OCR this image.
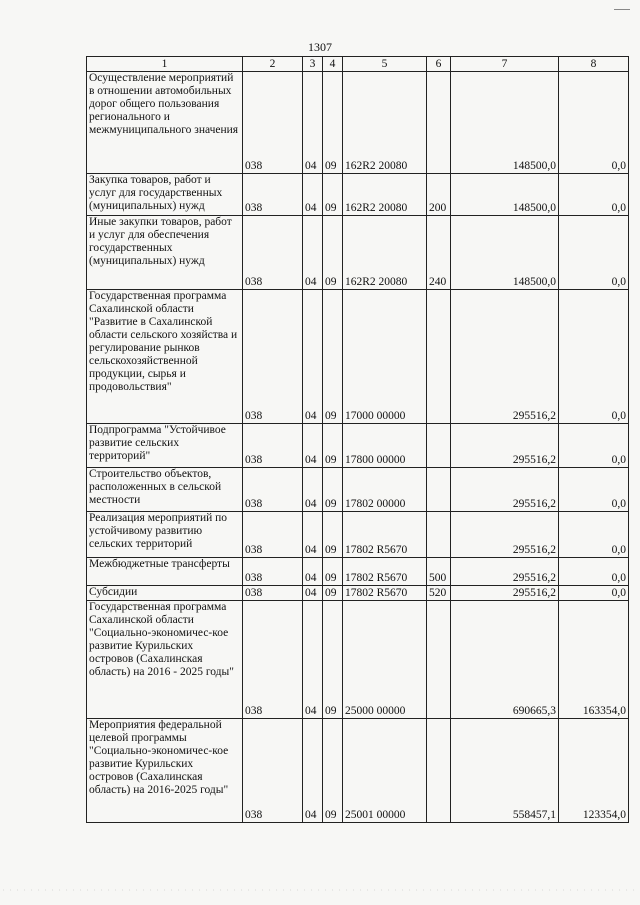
1307
1	2	3	4	5	6	7	8
Осуществление мероприятий в отношении автомобильных дорог общего пользования регионального и межмуниципального значения	038	04	09	162R2 20080		148500,0	0,0
Закупка товаров, работ и услуг для государственных (муниципальных) нужд	038	04	09	162R2 20080	200	148500,0	0,0
Иные закупки товаров, работ и услуг для обеспечения государственных (муниципальных) нужд	038	04	09	162R2 20080	240	148500,0	0,0
Государственная программа Сахалинской области "Развитие в Сахалинской области сельского хозяйства и регулирование рынков сельскохозяйственной продукции, сырья и продовольствия"	038	04	09	17000 00000		295516,2	0,0
Подпрограмма "Устойчивое развитие сельских территорий"	038	04	09	17800 00000		295516,2	0,0
Строительство объектов, расположенных в сельской местности	038	04	09	17802 00000		295516,2	0,0
Реализация мероприятий по устойчивому развитию сельских территорий	038	04	09	17802 R5670		295516,2	0,0
Межбюджетные трансферты	038	04	09	17802 R5670	500	295516,2	0,0
Субсидии	038	04	09	17802 R5670	520	295516,2	0,0
Государственная программа Сахалинской области "Социально-экономичес-кое развитие Курильских островов (Сахалинская область) на 2016 - 2025 годы"	038	04	09	25000 00000		690665,3	163354,0
Мероприятия федеральной целевой программы "Социально-экономичес-кое развитие Курильских островов (Сахалинская область) на 2016-2025 годы"	038	04	09	25001 00000		558457,1	123354,0
